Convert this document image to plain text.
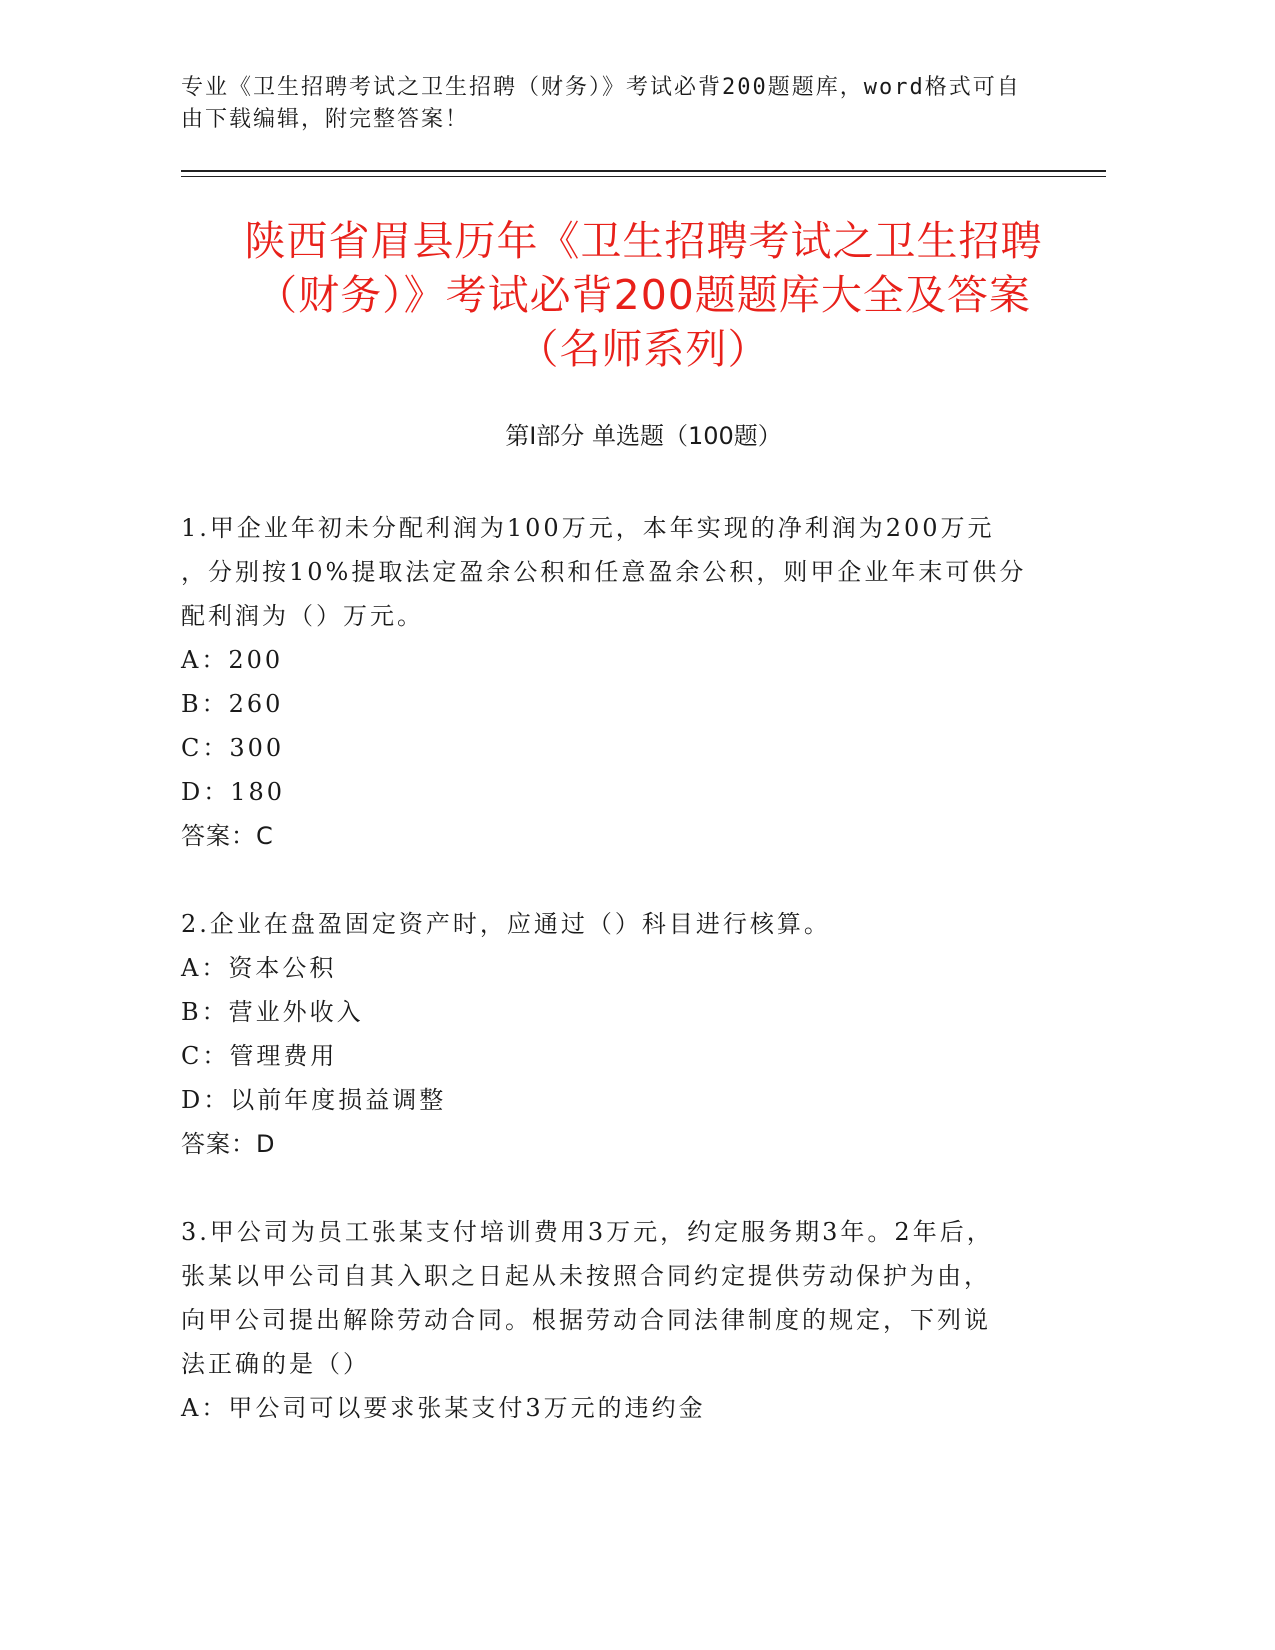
专业《卫生招聘考试之卫生招聘（财务）》考试必背200题题库，word格式可自
由下载编辑，附完整答案！
陕西省眉县历年《卫生招聘考试之卫生招聘
（财务）》考试必背200题题库大全及答案
（名师系列）
第I部分 单选题（100题）
1.甲企业年初未分配利润为100万元，本年实现的净利润为200万元
，分别按10%提取法定盈余公积和任意盈余公积，则甲企业年末可供分
配利润为（）万元。
A：200
B：260
C：300
D：180
答案：C
2.企业在盘盈固定资产时，应通过（）科目进行核算。
A：资本公积
B：营业外收入
C：管理费用
D：以前年度损益调整
答案：D
3.甲公司为员工张某支付培训费用3万元，约定服务期3年。2年后，
张某以甲公司自其入职之日起从未按照合同约定提供劳动保护为由，
向甲公司提出解除劳动合同。根据劳动合同法律制度的规定，下列说
法正确的是（）
A：甲公司可以要求张某支付3万元的违约金
